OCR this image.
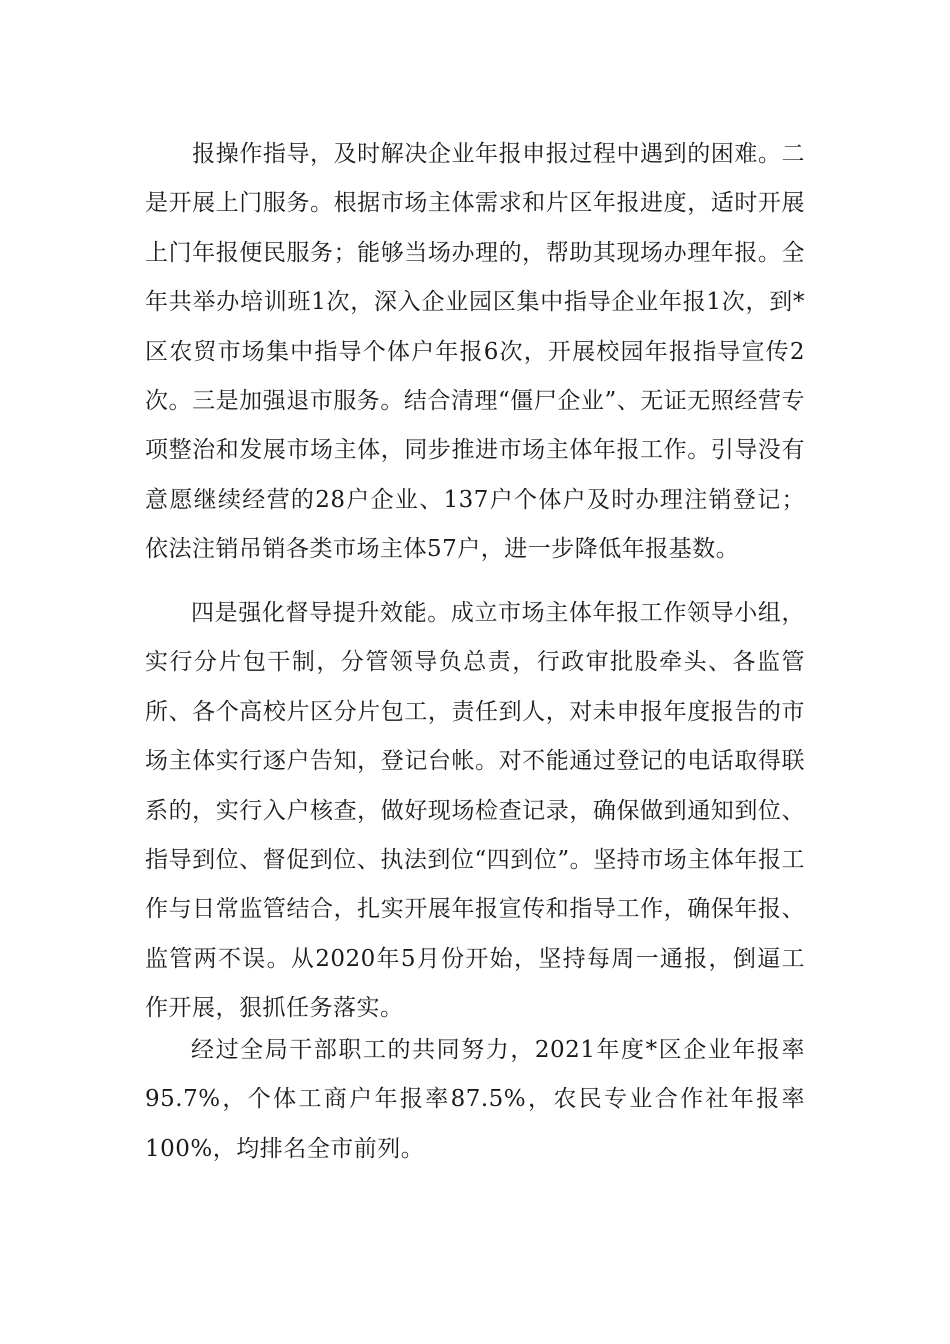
　　报操作指导，及时解决企业年报申报过程中遇到的困难。二是开展上门服务。根据市场主体需求和片区年报进度，适时开展上门年报便民服务；能够当场办理的，帮助其现场办理年报。全年共举办培训班1次，深入企业园区集中指导企业年报1次，到*区农贸市场集中指导个体户年报6次，开展校园年报指导宣传2次。三是加强退市服务。结合清理“僵尸企业”、无证无照经营专项整治和发展市场主体，同步推进市场主体年报工作。引导没有意愿继续经营的28户企业、137户个体户及时办理注销登记；依法注销吊销各类市场主体57户，进一步降低年报基数。

四是强化督导提升效能。成立市场主体年报工作领导小组，实行分片包干制，分管领导负总责，行政审批股牵头、各监管所、各个高校片区分片包工，责任到人，对未申报年度报告的市场主体实行逐户告知，登记台帐。对不能通过登记的电话取得联系的，实行入户核查，做好现场检查记录，确保做到通知到位、指导到位、督促到位、执法到位“四到位”。坚持市场主体年报工作与日常监管结合，扎实开展年报宣传和指导工作，确保年报、监管两不误。从2020年5月份开始，坚持每周一通报，倒逼工作开展，狠抓任务落实。

经过全局干部职工的共同努力，2021年度*区企业年报率95.7%，个体工商户年报率87.5%，农民专业合作社年报率100%，均排名全市前列。
